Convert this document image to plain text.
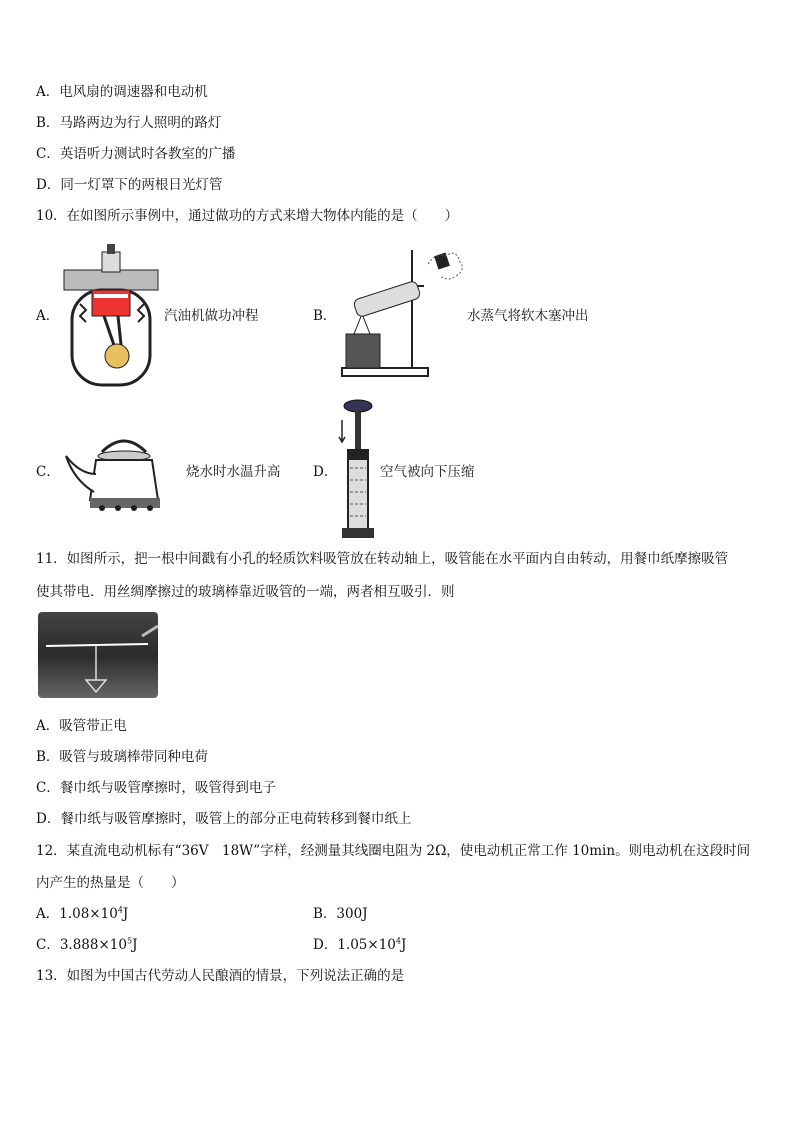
A．电风扇的调速器和电动机
B．马路两边为行人照明的路灯
C．英语听力测试时各教室的广播
D．同一灯罩下的两根日光灯管
10．在如图所示事例中，通过做功的方式来增大物体内能的是（　　）
A．	汽油机做功冲程	B．	水蒸气将软木塞冲出
C．	烧水时水温升高 D．	空气被向下压缩
11．如图所示，把一根中间戳有小孔的轻质饮料吸管放在转动轴上，吸管能在水平面内自由转动，用餐巾纸摩擦吸管
使其带电．用丝绸摩擦过的玻璃棒靠近吸管的一端，两者相互吸引．则
A．吸管带正电
B．吸管与玻璃棒带同种电荷
C．餐巾纸与吸管摩擦时，吸管得到电子
D．餐巾纸与吸管摩擦时，吸管上的部分正电荷转移到餐巾纸上
12．某直流电动机标有“36V　18W”字样，经测量其线圈电阻为 2Ω，使电动机正常工作 10min。则电动机在这段时间
内产生的热量是（　　）
A．$1.08\times 10^4J$	B．300J
C．$3.888\times 10^5J$	D．$1.05\times 10^4J$
13．如图为中国古代劳动人民酿酒的情景，下列说法正确的是
